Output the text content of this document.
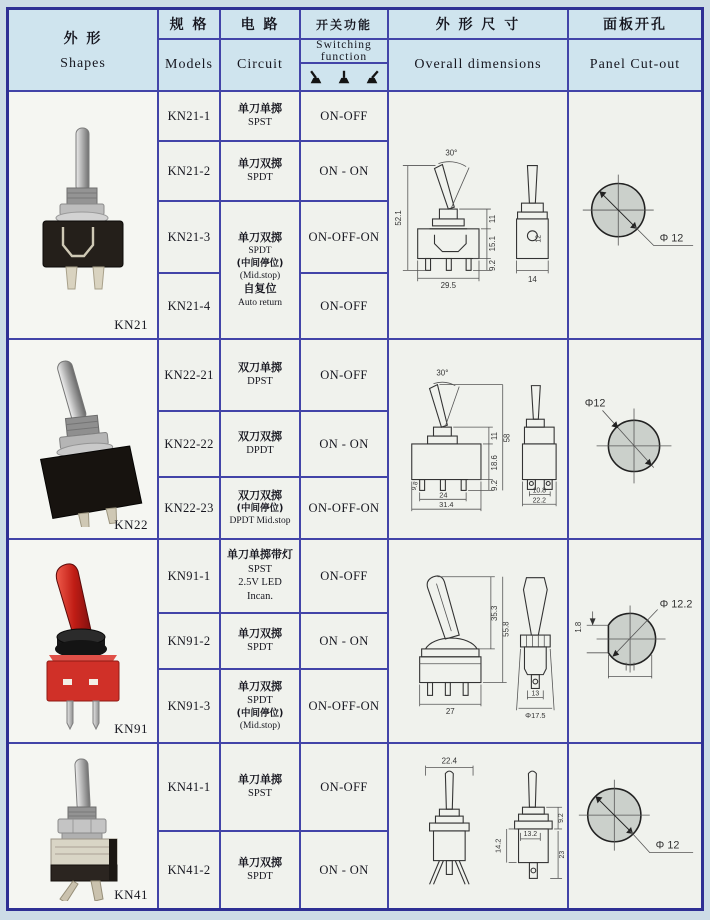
外 形
Shapes
规 格
Models
电 路
Circuit
开关功能
Switching function
外 形 尺 寸
Overall dimensions
面板开孔
Panel Cut-out
KN21
KN21-1
KN21-2
KN21-3
KN21-4
单刀单掷
SPST
单刀双掷
SPDT
单刀双掷
SPDT
(中间停位)
(Mid.stop)
自复位
Auto return
ON-OFF
ON - ON
ON-OFF-ON
ON-OFF
30°
52.1	11
15.1
9.2
29.5
12
14
Φ 12
KN22
KN22-21
KN22-22
KN22-23
双刀单掷
DPST
双刀双掷
DPDT
双刀双掷
(中间停位)
DPDT Mid.stop
ON-OFF
ON - ON
ON-OFF-ON
30°
11
18.6
9.2
58
9.8
24
31.4
10.8
22.2
Φ12
KN91
KN91-1
KN91-2
KN91-3
单刀单掷带灯
SPST
2.5V LED
Incan.
单刀双掷
SPDT
单刀双掷
SPDT
(中间停位)
(Mid.stop)
ON-OFF
ON - ON
ON-OFF-ON
35.3
55.8
27
13
Φ17.5
1.8
Φ 12.2
KN41
KN41-1
KN41-2
单刀单掷
SPST
单刀双掷
SPDT
ON-OFF
ON - ON
22.4
9.2
13.2
14.2
23
Φ 12
